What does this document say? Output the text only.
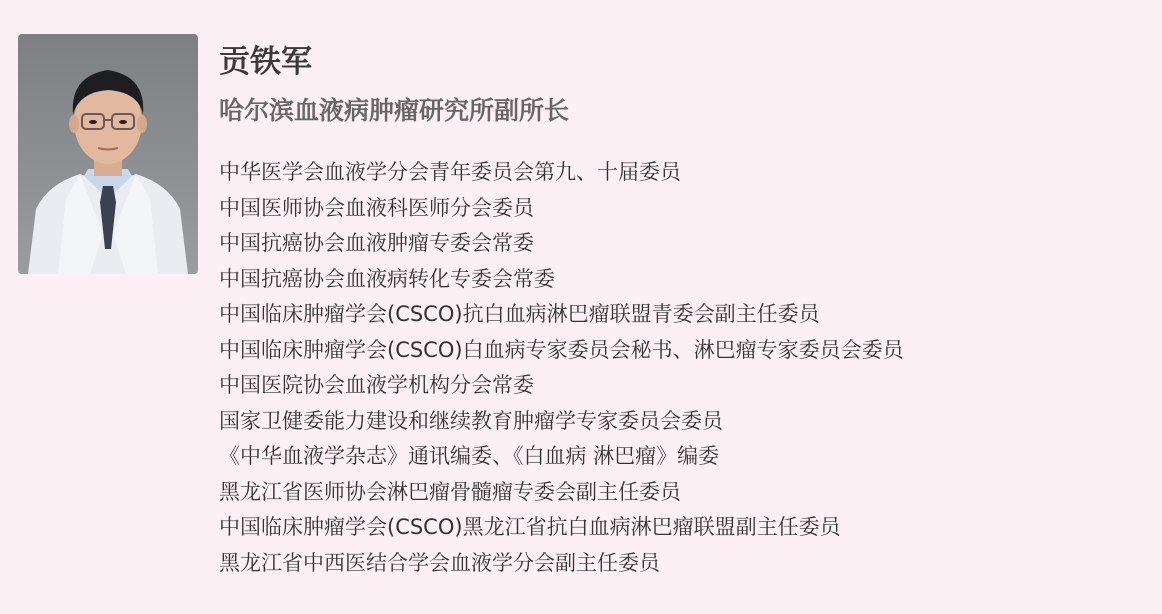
贡铁军
哈尔滨血液病肿瘤研究所副所长
中华医学会血液学分会青年委员会第九、十届委员
中国医师协会血液科医师分会委员
中国抗癌协会血液肿瘤专委会常委
中国抗癌协会血液病转化专委会常委
中国临床肿瘤学会(CSCO)抗白血病淋巴瘤联盟青委会副主任委员
中国临床肿瘤学会(CSCO)白血病专家委员会秘书、淋巴瘤专家委员会委员
中国医院协会血液学机构分会常委
国家卫健委能力建设和继续教育肿瘤学专家委员会委员
《中华血液学杂志》通讯编委、《白血病 淋巴瘤》编委
黑龙江省医师协会淋巴瘤骨髓瘤专委会副主任委员
中国临床肿瘤学会(CSCO)黑龙江省抗白血病淋巴瘤联盟副主任委员
黑龙江省中西医结合学会血液学分会副主任委员
